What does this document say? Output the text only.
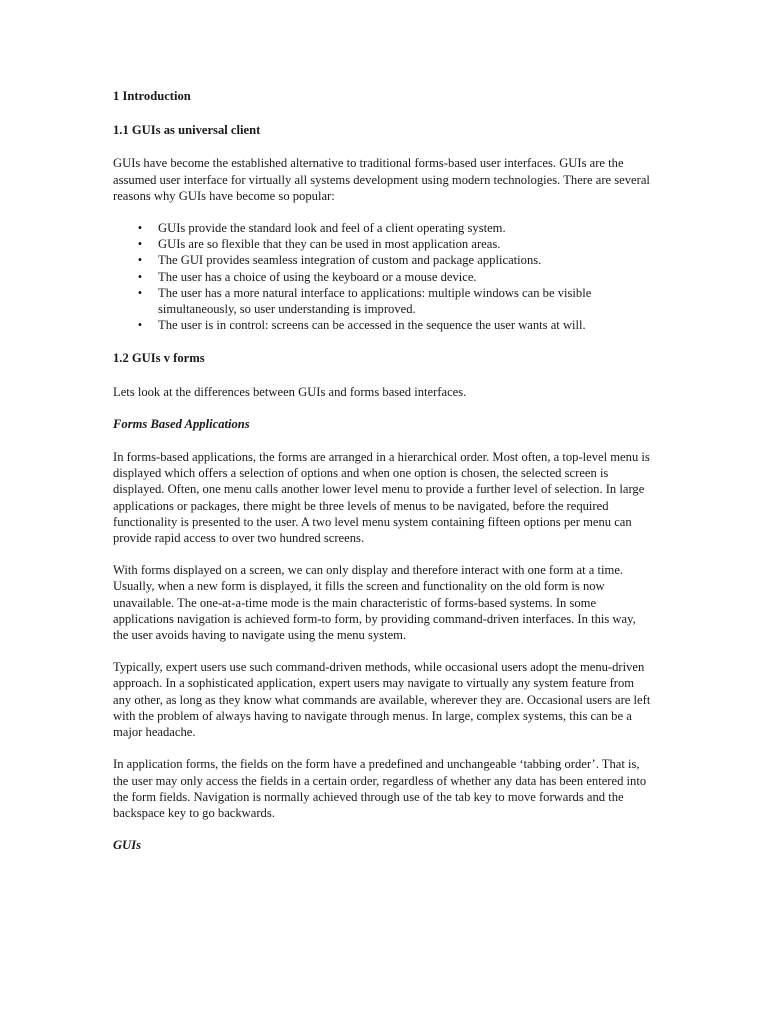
1 Introduction
1.1 GUIs as universal client

GUIs have become the established alternative to traditional forms-based user interfaces. GUIs are the assumed user interface for virtually all systems development using modern technologies. There are several reasons why GUIs have become so popular:

• GUIs provide the standard look and feel of a client operating system.
• GUIs are so flexible that they can be used in most application areas.
• The GUI provides seamless integration of custom and package applications.
• The user has a choice of using the keyboard or a mouse device.
• The user has a more natural interface to applications: multiple windows can be visible simultaneously, so user understanding is improved.
• The user is in control: screens can be accessed in the sequence the user wants at will.
1.2 GUIs v forms

Lets look at the differences between GUIs and forms based interfaces.

Forms Based Applications

In forms-based applications, the forms are arranged in a hierarchical order. Most often, a top-level menu is displayed which offers a selection of options and when one option is chosen, the selected screen is displayed. Often, one menu calls another lower level menu to provide a further level of selection. In large applications or packages, there might be three levels of menus to be navigated, before the required functionality is presented to the user. A two level menu system containing fifteen options per menu can provide rapid access to over two hundred screens.

With forms displayed on a screen, we can only display and therefore interact with one form at a time. Usually, when a new form is displayed, it fills the screen and functionality on the old form is now unavailable. The one-at-a-time mode is the main characteristic of forms-based systems. In some applications navigation is achieved form-to form, by providing command-driven interfaces. In this way, the user avoids having to navigate using the menu system.

Typically, expert users use such command-driven methods, while occasional users adopt the menu-driven approach. In a sophisticated application, expert users may navigate to virtually any system feature from any other, as long as they know what commands are available, wherever they are. Occasional users are left with the problem of always having to navigate through menus. In large, complex systems, this can be a major headache.

In application forms, the fields on the form have a predefined and unchangeable ‘tabbing order’. That is, the user may only access the fields in a certain order, regardless of whether any data has been entered into the form fields. Navigation is normally achieved through use of the tab key to move forwards and the backspace key to go backwards.

GUIs
